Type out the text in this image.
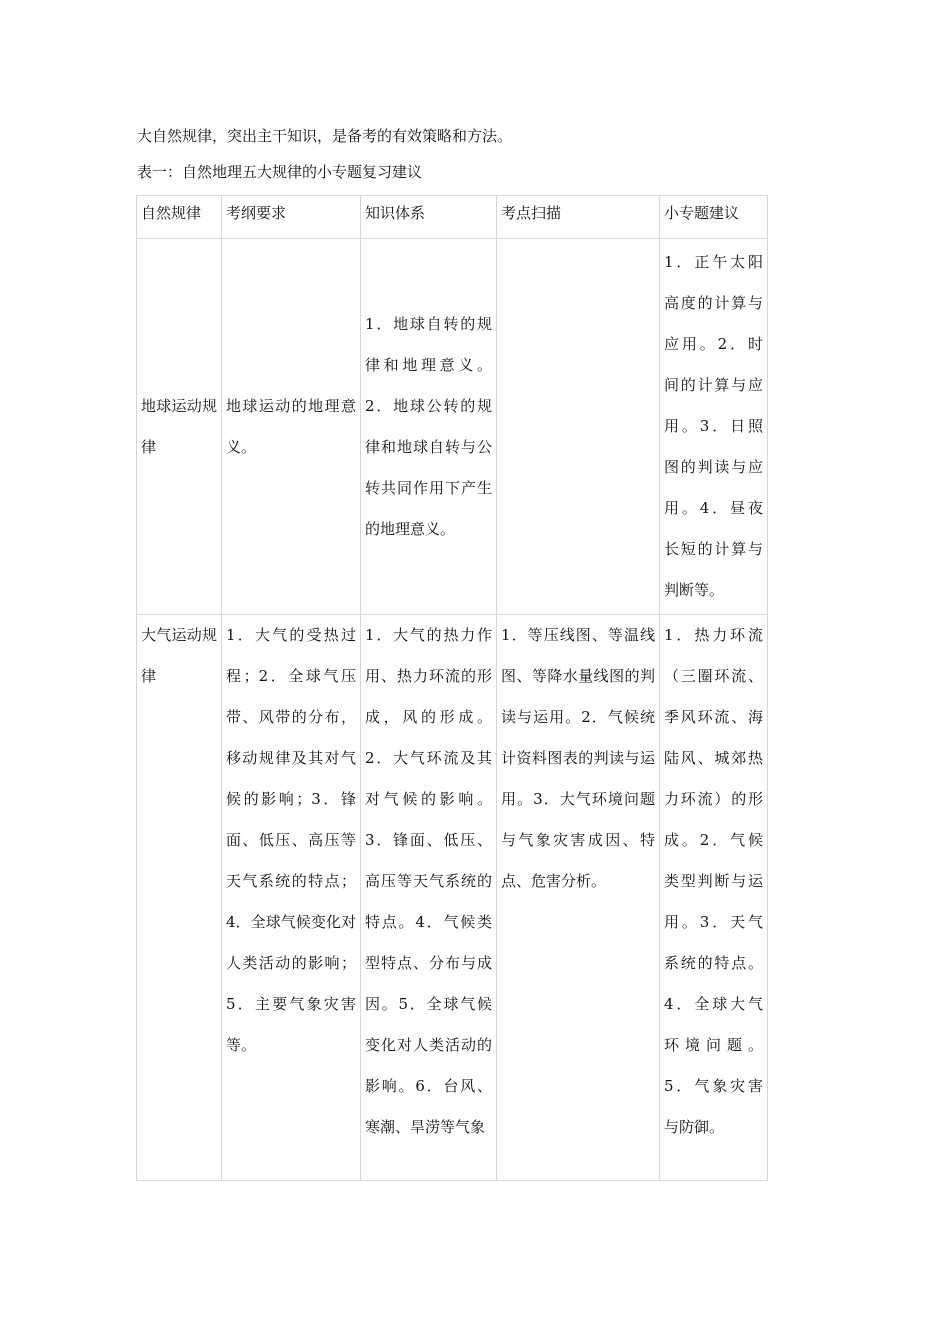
大自然规律，突出主干知识，是备考的有效策略和方法。
表一：自然地理五大规律的小专题复习建议
自然规律	考纲要求	知识体系	考点扫描	小专题建议
地球运动规律	地球运动的地理意义。	1．地球自转的规律和地理意义。2．地球公转的规律和地球自转与公转共同作用下产生的地理意义。		1．正午太阳高度的计算与应用。2．时间的计算与应用。3．日照图的判读与应用。4．昼夜长短的计算与判断等。
大气运动规律	1．大气的受热过程；2．全球气压带、风带的分布，移动规律及其对气候的影响；3．锋面、低压、高压等天气系统的特点；4．全球气候变化对人类活动的影响；5．主要气象灾害等。	1．大气的热力作用、热力环流的形成，风的形成。2．大气环流及其对气候的影响。3．锋面、低压、高压等天气系统的特点。4．气候类型特点、分布与成因。5．全球气候变化对人类活动的影响。6．台风、寒潮、旱涝等气象	1．等压线图、等温线图、等降水量线图的判读与运用。2．气候统计资料图表的判读与运用。3．大气环境问题与气象灾害成因、特点、危害分析。	1．热力环流（三圈环流、季风环流、海陆风、城郊热力环流）的形成。2．气候类型判断与运用。3．天气系统的特点。4．全球大气环境问题。5．气象灾害与防御。
